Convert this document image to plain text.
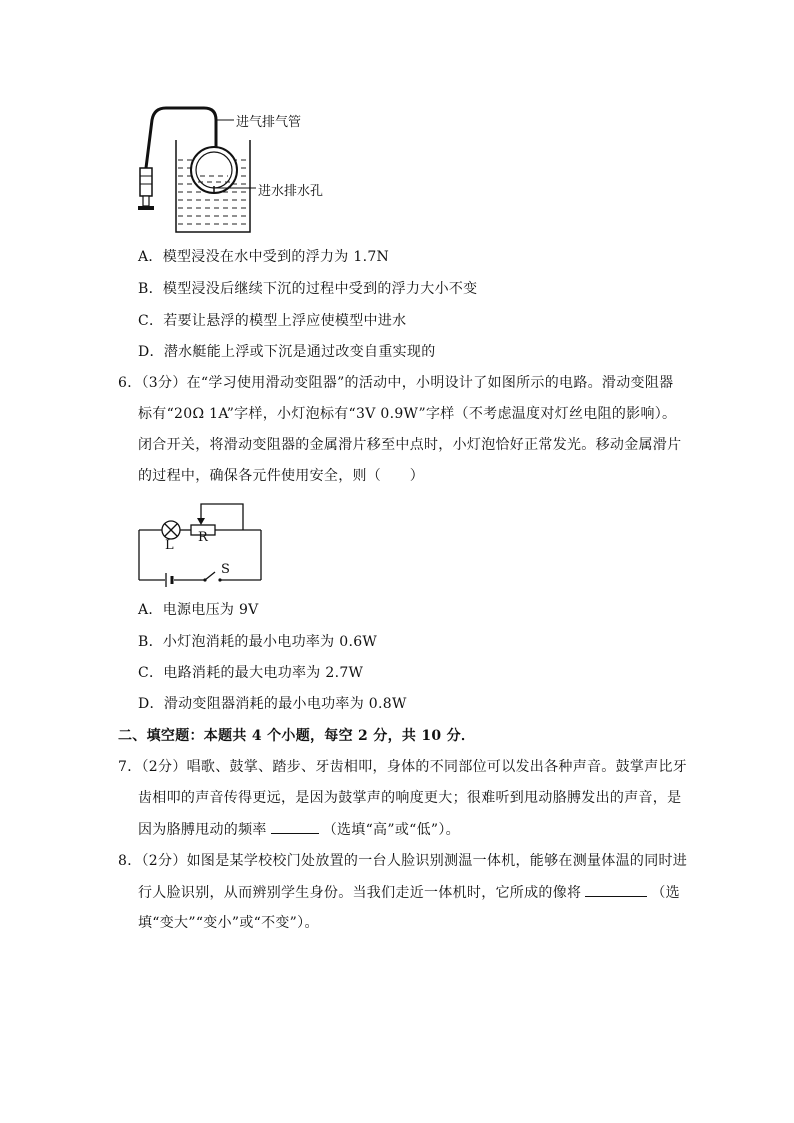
进气排气管
进水排水孔
A．模型浸没在水中受到的浮力为 1.7N
B．模型浸没后继续下沉的过程中受到的浮力大小不变
C．若要让悬浮的模型上浮应使模型中进水
D．潜水艇能上浮或下沉是通过改变自重实现的
6．（3分）在“学习使用滑动变阻器”的活动中，小明设计了如图所示的电路。滑动变阻器
标有“20Ω 1A”字样，小灯泡标有“3V 0.9W”字样（不考虑温度对灯丝电阻的影响）。
闭合开关，将滑动变阻器的金属滑片移至中点时，小灯泡恰好正常发光。移动金属滑片
的过程中，确保各元件使用安全，则（　　）
L
R
S
A．电源电压为 9V
B．小灯泡消耗的最小电功率为 0.6W
C．电路消耗的最大电功率为 2.7W
D．滑动变阻器消耗的最小电功率为 0.8W
二、填空题：本题共 4 个小题，每空 2 分，共 10 分．
7．（2分）唱歌、鼓掌、踏步、牙齿相叩，身体的不同部位可以发出各种声音。鼓掌声比牙
齿相叩的声音传得更远，是因为鼓掌声的响度更大；很难听到甩动胳膊发出的声音，是
因为胳膊甩动的频率	（选填“高”或“低”）。
8．（2分）如图是某学校校门处放置的一台人脸识别测温一体机，能够在测量体温的同时进
行人脸识别，从而辨别学生身份。当我们走近一体机时，它所成的像将	（选
填“变大”“变小”或“不变”）。
